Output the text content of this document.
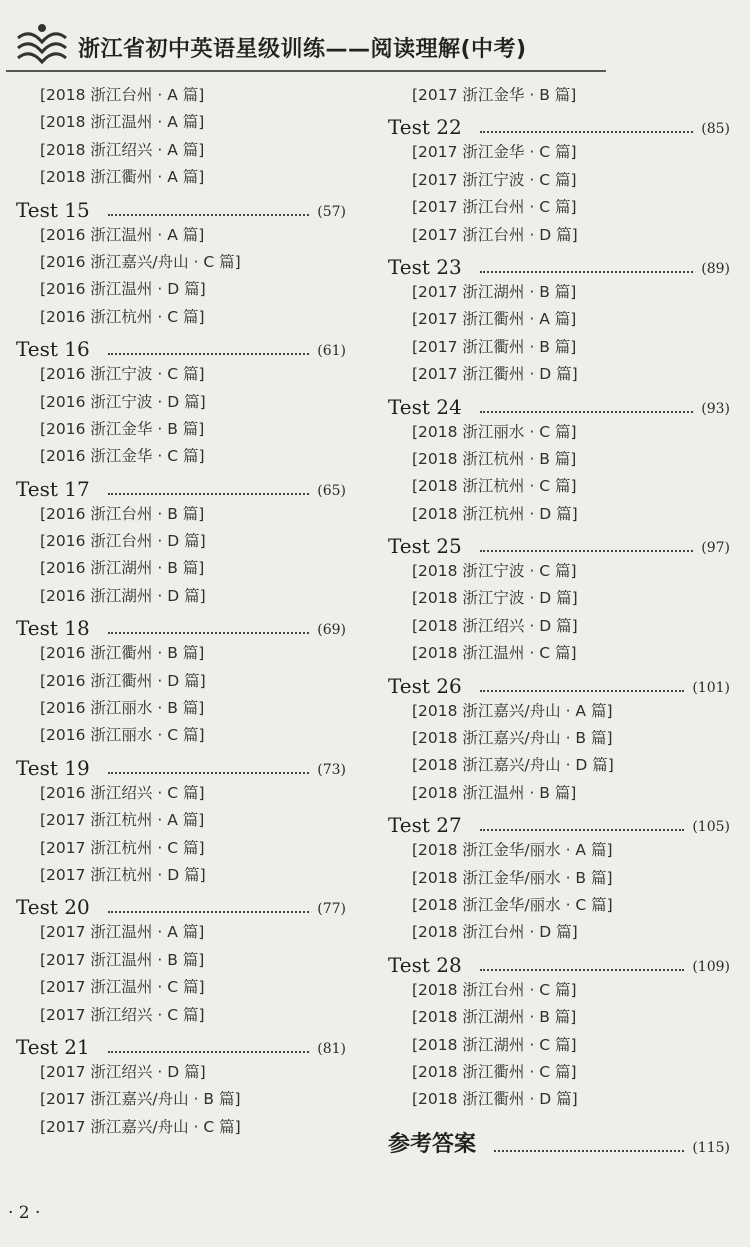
浙江省初中英语星级训练——阅读理解(中考)
[2018 浙江台州 · A 篇]
[2018 浙江温州 · A 篇]
[2018 浙江绍兴 · A 篇]
[2018 浙江衢州 · A 篇]
Test 15	(57)
[2016 浙江温州 · A 篇]
[2016 浙江嘉兴/舟山 · C 篇]
[2016 浙江温州 · D 篇]
[2016 浙江杭州 · C 篇]
Test 16	(61)
[2016 浙江宁波 · C 篇]
[2016 浙江宁波 · D 篇]
[2016 浙江金华 · B 篇]
[2016 浙江金华 · C 篇]
Test 17	(65)
[2016 浙江台州 · B 篇]
[2016 浙江台州 · D 篇]
[2016 浙江湖州 · B 篇]
[2016 浙江湖州 · D 篇]
Test 18	(69)
[2016 浙江衢州 · B 篇]
[2016 浙江衢州 · D 篇]
[2016 浙江丽水 · B 篇]
[2016 浙江丽水 · C 篇]
Test 19	(73)
[2016 浙江绍兴 · C 篇]
[2017 浙江杭州 · A 篇]
[2017 浙江杭州 · C 篇]
[2017 浙江杭州 · D 篇]
Test 20	(77)
[2017 浙江温州 · A 篇]
[2017 浙江温州 · B 篇]
[2017 浙江温州 · C 篇]
[2017 浙江绍兴 · C 篇]
Test 21	(81)
[2017 浙江绍兴 · D 篇]
[2017 浙江嘉兴/舟山 · B 篇]
[2017 浙江嘉兴/舟山 · C 篇]
[2017 浙江金华 · B 篇]
Test 22	(85)
[2017 浙江金华 · C 篇]
[2017 浙江宁波 · C 篇]
[2017 浙江台州 · C 篇]
[2017 浙江台州 · D 篇]
Test 23	(89)
[2017 浙江湖州 · B 篇]
[2017 浙江衢州 · A 篇]
[2017 浙江衢州 · B 篇]
[2017 浙江衢州 · D 篇]
Test 24	(93)
[2018 浙江丽水 · C 篇]
[2018 浙江杭州 · B 篇]
[2018 浙江杭州 · C 篇]
[2018 浙江杭州 · D 篇]
Test 25	(97)
[2018 浙江宁波 · C 篇]
[2018 浙江宁波 · D 篇]
[2018 浙江绍兴 · D 篇]
[2018 浙江温州 · C 篇]
Test 26	(101)
[2018 浙江嘉兴/舟山 · A 篇]
[2018 浙江嘉兴/舟山 · B 篇]
[2018 浙江嘉兴/舟山 · D 篇]
[2018 浙江温州 · B 篇]
Test 27	(105)
[2018 浙江金华/丽水 · A 篇]
[2018 浙江金华/丽水 · B 篇]
[2018 浙江金华/丽水 · C 篇]
[2018 浙江台州 · D 篇]
Test 28	(109)
[2018 浙江台州 · C 篇]
[2018 浙江湖州 · B 篇]
[2018 浙江湖州 · C 篇]
[2018 浙江衢州 · C 篇]
[2018 浙江衢州 · D 篇]
参考答案	(115)
· 2 ·
